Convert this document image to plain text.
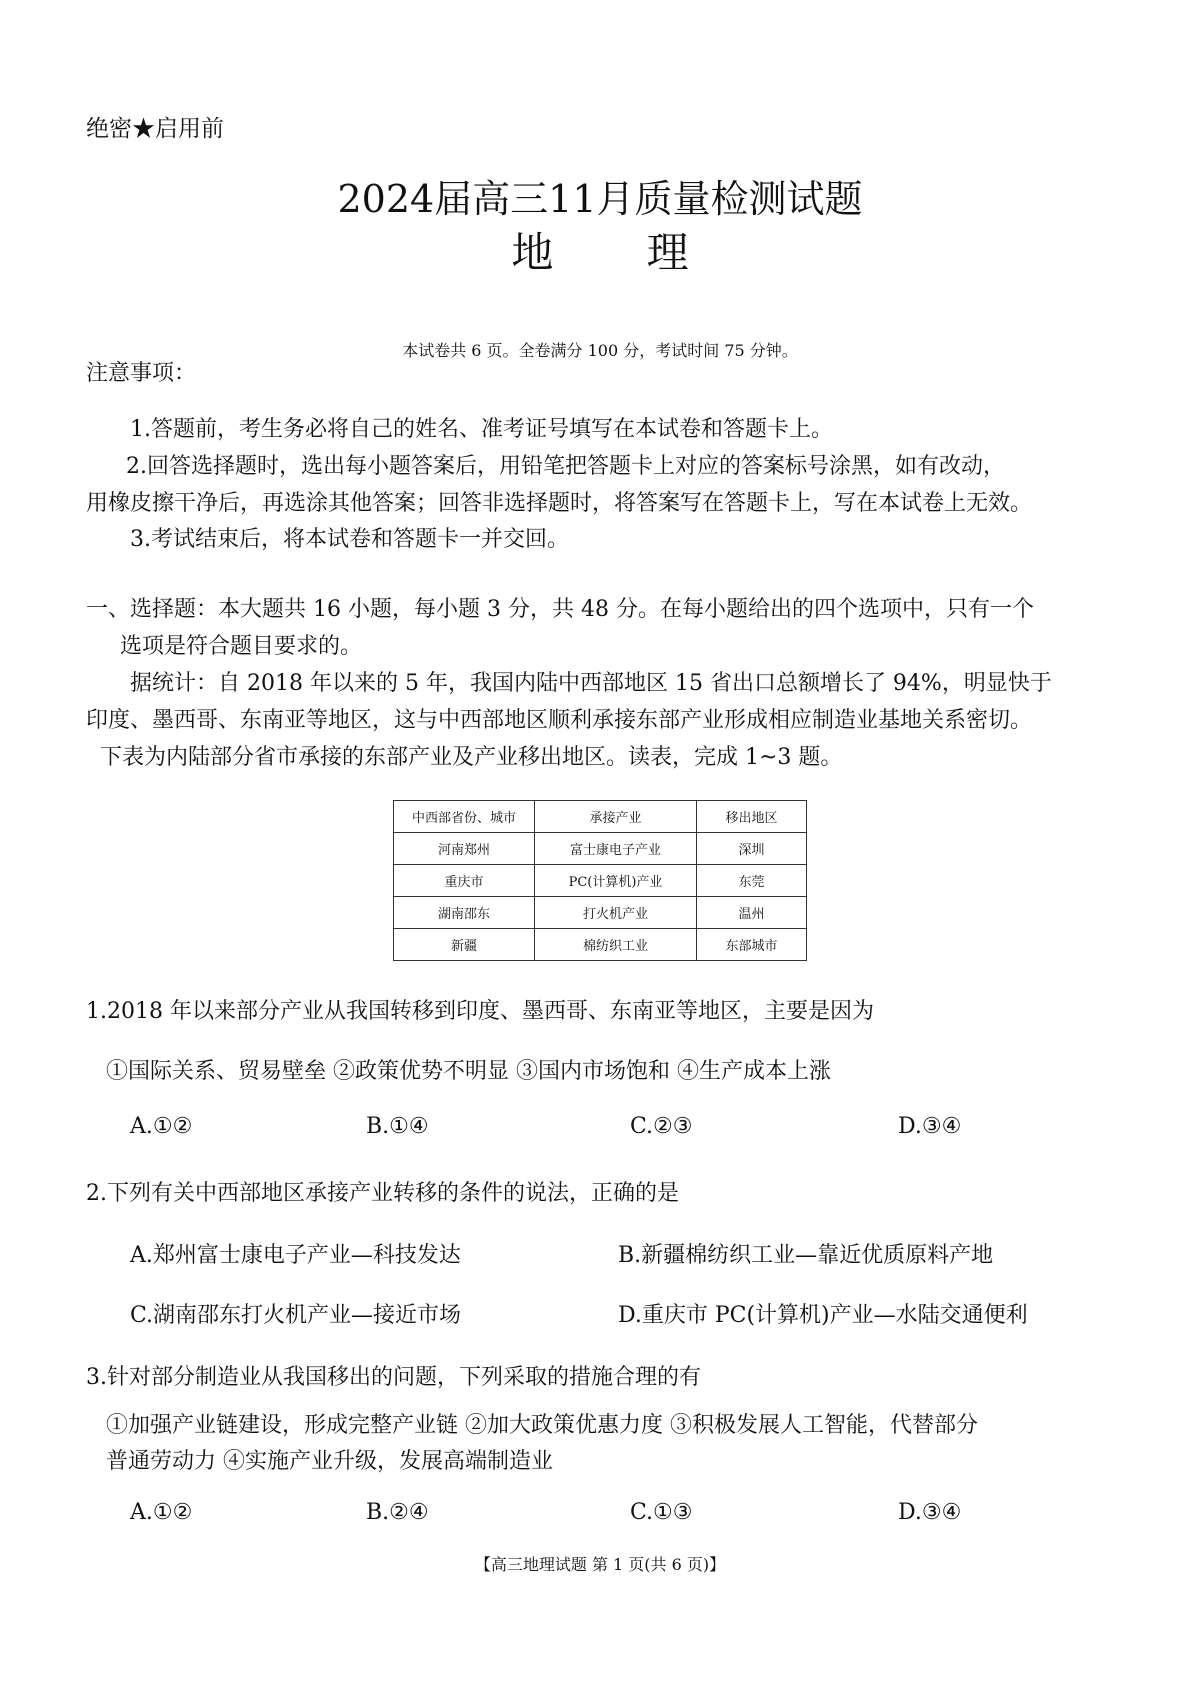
绝密★启用前
2024届高三11月质量检测试题
地 理
本试卷共 6 页。全卷满分 100 分，考试时间 75 分钟。
注意事项：
1.答题前，考生务必将自己的姓名、准考证号填写在本试卷和答题卡上。
2.回答选择题时，选出每小题答案后，用铅笔把答题卡上对应的答案标号涂黑，如有改动，
用橡皮擦干净后，再选涂其他答案；回答非选择题时，将答案写在答题卡上，写在本试卷上无效。
3.考试结束后，将本试卷和答题卡一并交回。
一、选择题：本大题共 16 小题，每小题 3 分，共 48 分。在每小题给出的四个选项中，只有一个
选项是符合题目要求的。
据统计：自 2018 年以来的 5 年，我国内陆中西部地区 15 省出口总额增长了 94%，明显快于
印度、墨西哥、东南亚等地区，这与中西部地区顺利承接东部产业形成相应制造业基地关系密切。
下表为内陆部分省市承接的东部产业及产业移出地区。读表，完成 1~3 题。
中西部省份、城市	承接产业	移出地区
河南郑州	富士康电子产业	深圳
重庆市	PC(计算机)产业	东莞
湖南邵东	打火机产业	温州
新疆	棉纺织工业	东部城市
1.2018 年以来部分产业从我国转移到印度、墨西哥、东南亚等地区，主要是因为
①国际关系、贸易壁垒 ②政策优势不明显 ③国内市场饱和 ④生产成本上涨
A.①②	B.①④	C.②③	D.③④
2.下列有关中西部地区承接产业转移的条件的说法，正确的是
A.郑州富士康电子产业—科技发达	B.新疆棉纺织工业—靠近优质原料产地
C.湖南邵东打火机产业—接近市场	D.重庆市 PC(计算机)产业—水陆交通便利
3.针对部分制造业从我国移出的问题，下列采取的措施合理的有
①加强产业链建设，形成完整产业链 ②加大政策优惠力度 ③积极发展人工智能，代替部分
普通劳动力 ④实施产业升级，发展高端制造业
A.①②	B.②④	C.①③	D.③④
【高三地理试题 第 1 页(共 6 页)】
